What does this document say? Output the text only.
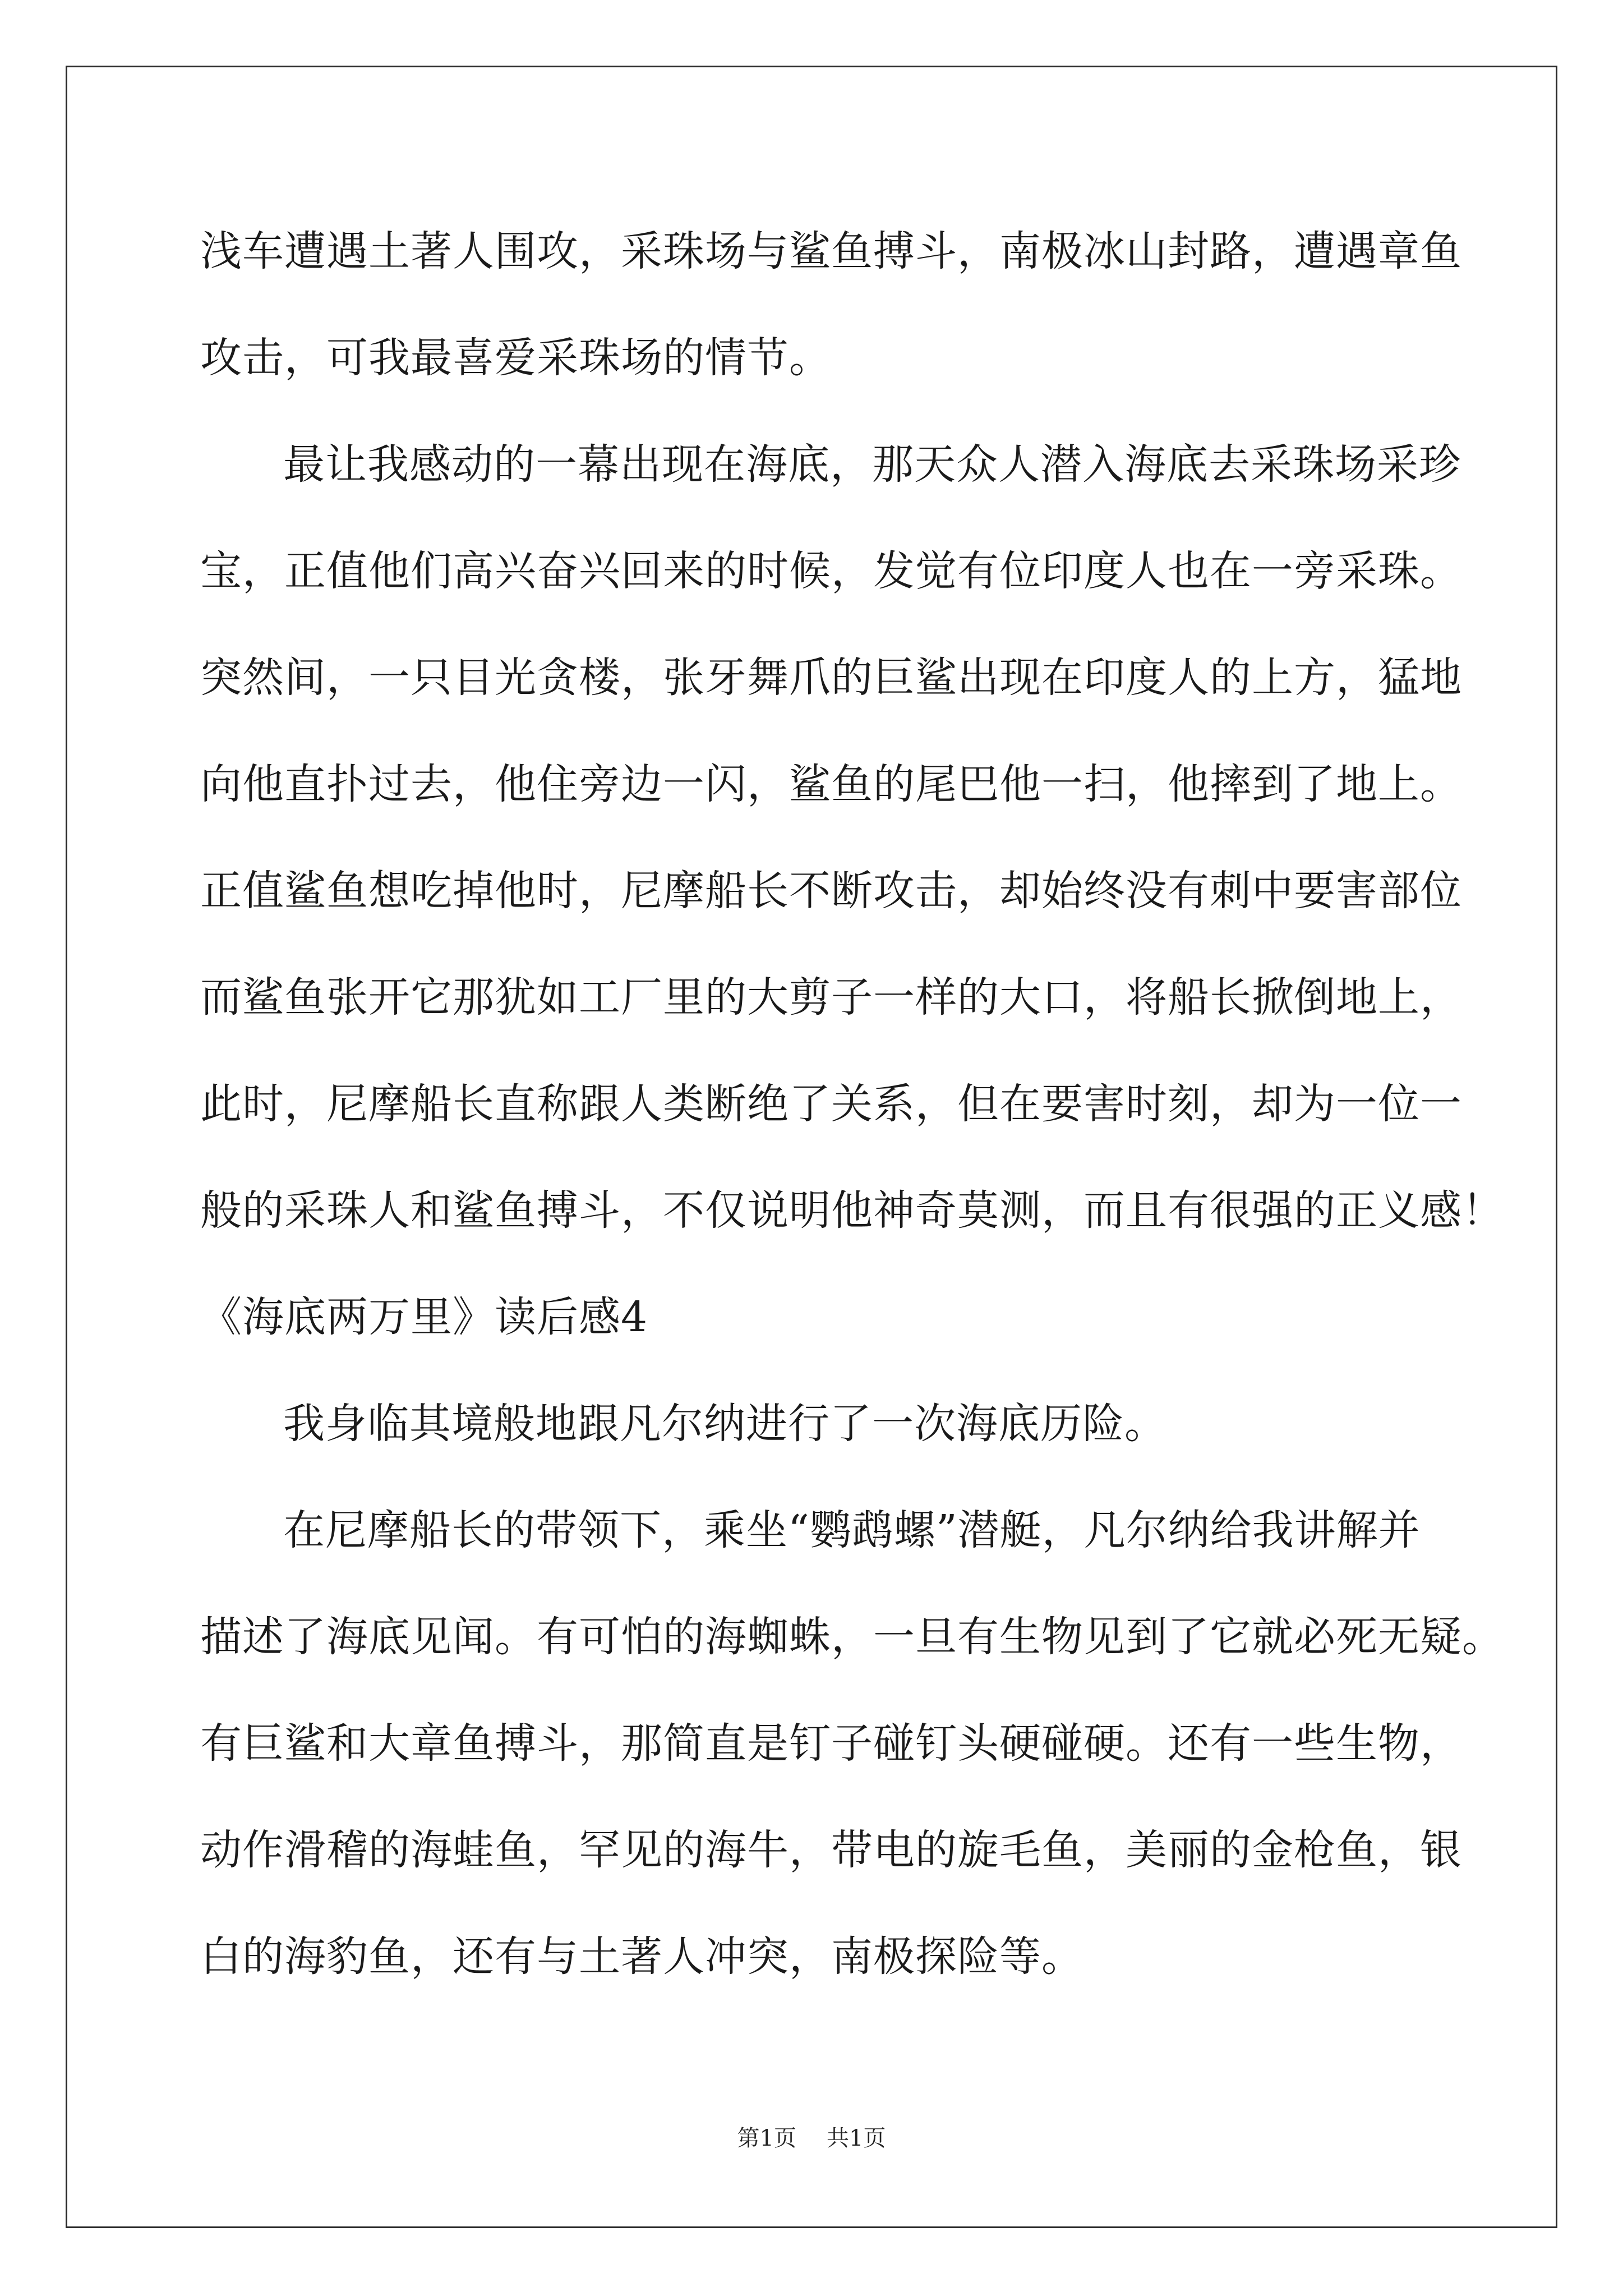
浅车遭遇土著人围攻，采珠场与鲨鱼搏斗，南极冰山封路，遭遇章鱼
攻击，可我最喜爱采珠场的情节。
最让我感动的一幕出现在海底，那天众人潜入海底去采珠场采珍
宝，正值他们高兴奋兴回来的时候，发觉有位印度人也在一旁采珠。
突然间，一只目光贪楼，张牙舞爪的巨鲨出现在印度人的上方，猛地
向他直扑过去，他住旁边一闪，鲨鱼的尾巴他一扫，他摔到了地上。
正值鲨鱼想吃掉他时，尼摩船长不断攻击，却始终没有刺中要害部位
而鲨鱼张开它那犹如工厂里的大剪子一样的大口，将船长掀倒地上，
此时，尼摩船长直称跟人类断绝了关系，但在要害时刻，却为一位一
般的采珠人和鲨鱼搏斗，不仅说明他神奇莫测，而且有很强的正义感！
《海底两万里》读后感4
我身临其境般地跟凡尔纳进行了一次海底历险。
在尼摩船长的带领下，乘坐“鹦鹉螺”潜艇，凡尔纳给我讲解并
描述了海底见闻。有可怕的海蜘蛛，一旦有生物见到了它就必死无疑。
有巨鲨和大章鱼搏斗，那简直是钉子碰钉头硬碰硬。还有一些生物，
动作滑稽的海蛙鱼，罕见的海牛，带电的旋毛鱼，美丽的金枪鱼，银
白的海豹鱼，还有与土著人冲突，南极探险等。
第1页 共1页
